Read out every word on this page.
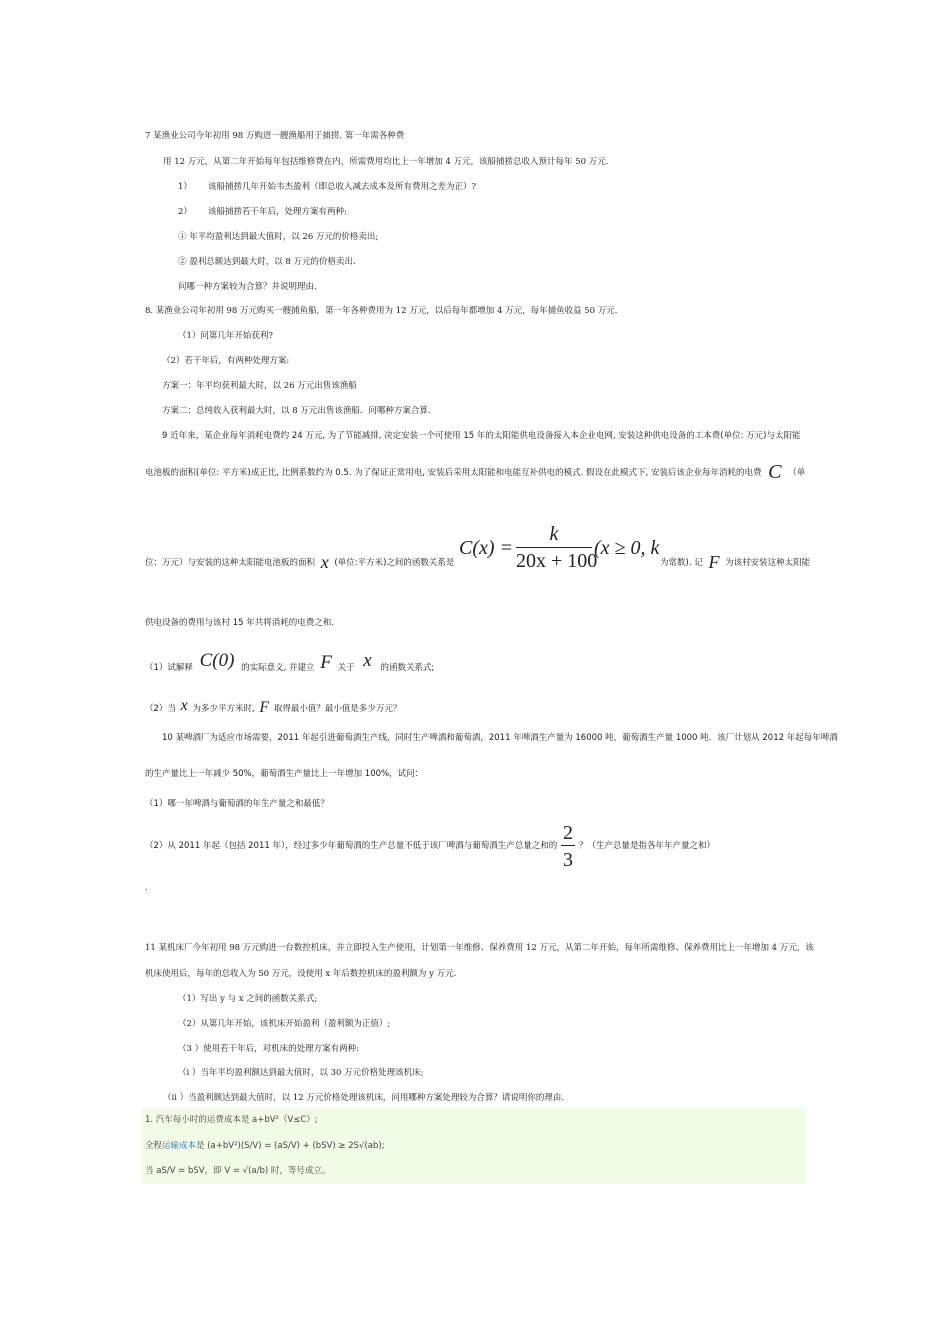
7 某渔业公司今年初用 98 万购进一艘渔船用于捕捞. 第一年需各种费
用 12 万元，从第二年开始每年包括维修费在内，所需费用均比上一年增加 4 万元，该船捕捞总收入预计每年 50 万元.
1） 该船捕捞几年开始韦杰盈利（即总收入减去成本及所有费用之差为正）?
2） 该船捕捞若干年后，处理方案有两种:
① 年平均盈利达到最大值时，以 26 万元的价格卖出;
② 盈利总额达到最大时，以 8 万元的价格卖出.
问哪一种方案较为合算？并说明理由.
8. 某渔业公司年初用 98 万元购买一艘捕鱼船，第一年各种费用为 12 万元，以后每年都增加 4 万元，每年捕鱼收益 50 万元.
（1）问第几年开始获利?
（2）若干年后，有两种处理方案:
方案一：年平均获利最大时，以 26 万元出售该渔船
方案二：总纯收入获利最大时，以 8 万元出售该渔船．问哪种方案合算.
9 近年来，某企业每年消耗电费约 24 万元, 为了节能减排, 决定安装一个可使用 15 年的太阳能供电设备接入本企业电网, 安装这种供电设备的工本费(单位: 万元)与太阳能
电池板的面积(单位: 平方米)成正比, 比例系数约为 0.5. 为了保证正常用电, 安装后采用太阳能和电能互补供电的模式. 假设在此模式下, 安装后该企业每年消耗的电费 C （单
位：万元）与安装的这种太阳能电池板的面积 x (单位:平方米)之间的函数关系是
C(x) =
k
20x + 100
(x ≥ 0, k
为常数). 记 F 为该村安装这种太阳能
供电设备的费用与该村 15 年共将消耗的电费之和.
（1）试解释 C(0) 的实际意义, 并建立 F 关于 x 的函数关系式;
（2）当 x 为多少平方米时, F 取得最小值？最小值是多少万元？
10 某啤酒厂为适应市场需要，2011 年起引进葡萄酒生产线，同时生产啤酒和葡萄酒，2011 年啤酒生产量为 16000 吨，葡萄酒生产量 1000 吨．该厂计划从 2012 年起每年啤酒
的生产量比上一年减少 50%，葡萄酒生产量比上一年增加 100%，试问：
（1）哪一年啤酒与葡萄酒的年生产量之和最低？
（2）从 2011 年起（包括 2011 年），经过多少年葡萄酒的生产总量不低于该厂啤酒与葡萄酒生产总量之和的
2
3
？（生产总量是指各年年产量之和）
.
11 某机床厂今年初用 98 万元购进一台数控机床，并立即投入生产使用，计划第一年维修、保养费用 12 万元，从第二年开始，每年所需维修、保养费用比上一年增加 4 万元，该
机床使用后，每年的总收入为 50 万元，设使用 x 年后数控机床的盈利额为 y 万元.
（1）写出 y 与 x 之间的函数关系式;
（2）从第几年开始，该机床开始盈利（盈利额为正值）;
（3 ）使用若干年后，对机床的处理方案有两种:
（i ）当年平均盈利额达到最大值时，以 30 万元价格处理该机床;
（ii ）当盈利额达到最大值时，以 12 万元价格处理该机床，问用哪种方案处理较为合算？请说明你的理由.
1. 汽车每小时的运费成本是 a+bV²（V≤C）;
全程运输成本是 (a+bV²)(S/V) = (aS/V) + (bSV) ≥ 2S√(ab);
当 aS/V = bSV，即 V = √(a/b) 时，等号成立。
